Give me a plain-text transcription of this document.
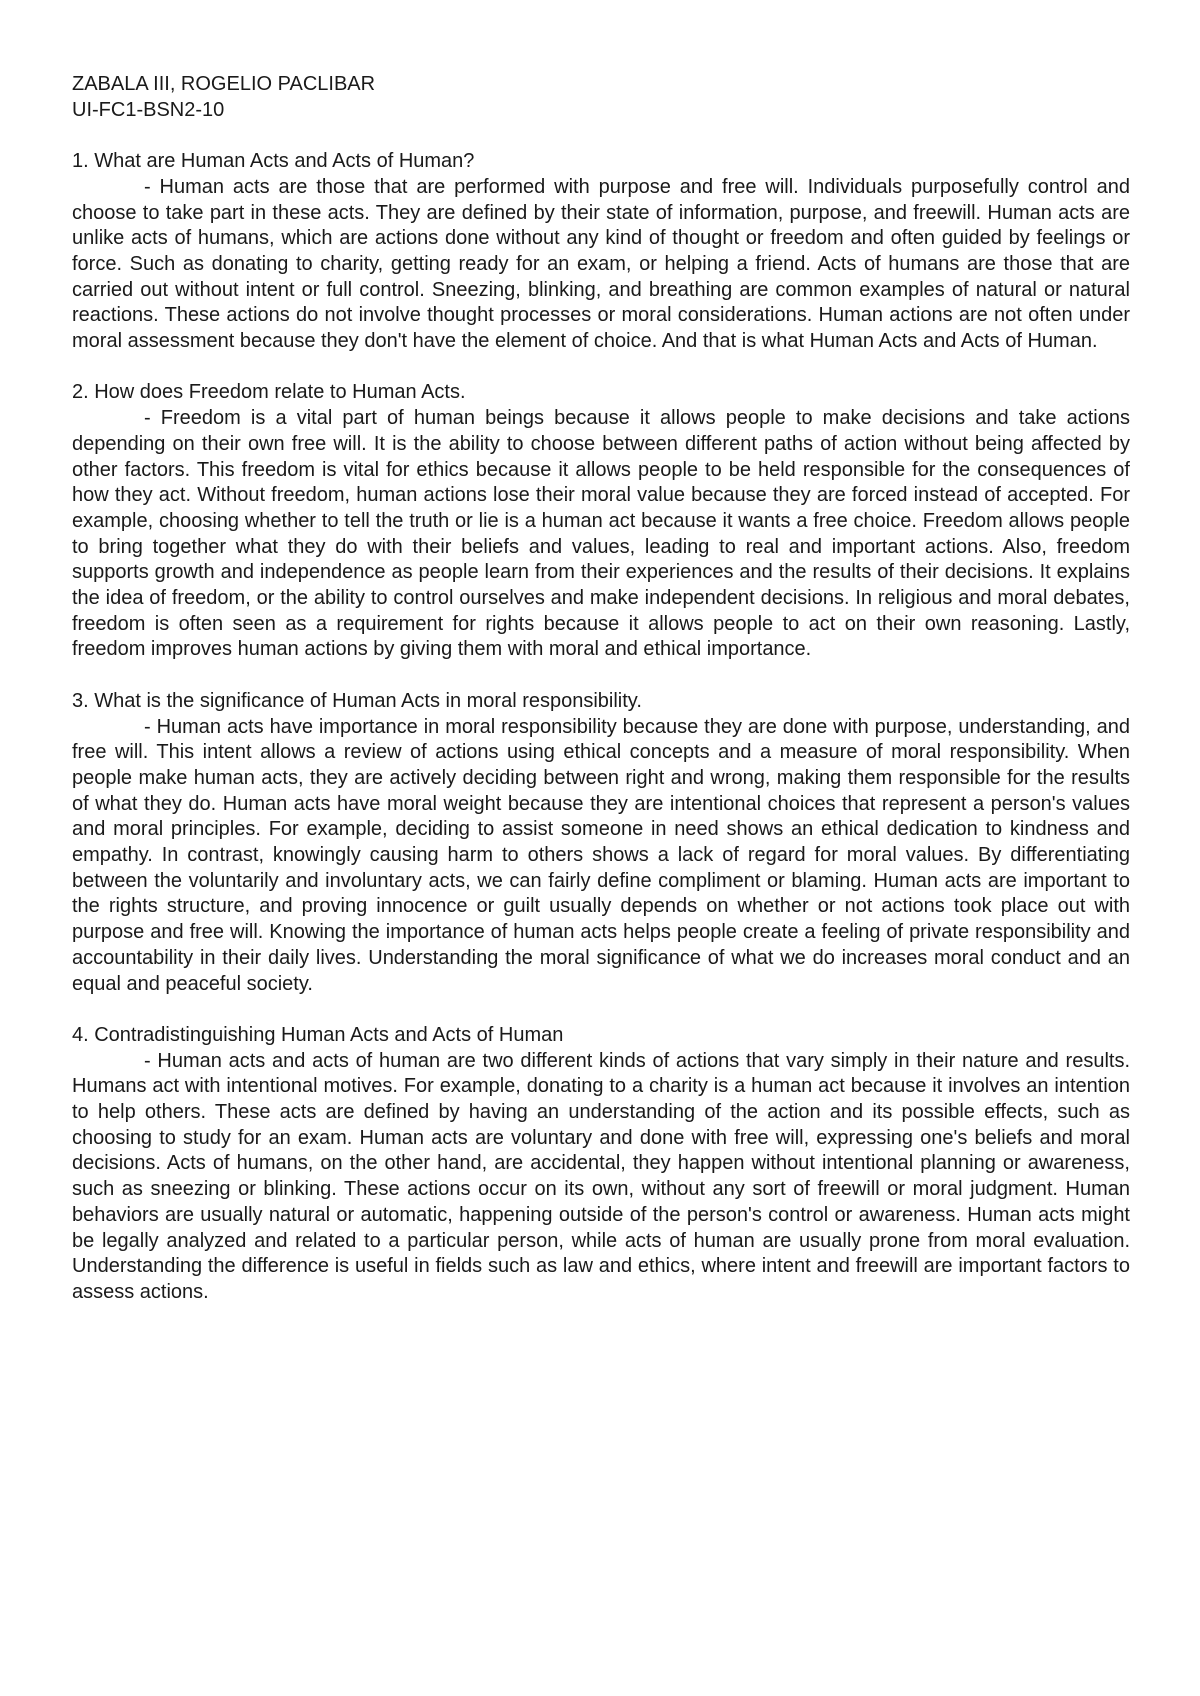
ZABALA III, ROGELIO PACLIBAR

UI-FC1-BSN2-10

1. What are Human Acts and Acts of Human?

- Human acts are those that are performed with purpose and free will. Individuals purposefully control and choose to take part in these acts. They are defined by their state of information, purpose, and freewill. Human acts are unlike acts of humans, which are actions done without any kind of thought or freedom and often guided by feelings or force. Such as donating to charity, getting ready for an exam, or helping a friend. Acts of humans are those that are carried out without intent or full control. Sneezing, blinking, and breathing are common examples of natural or natural reactions. These actions do not involve thought processes or moral considerations. Human actions are not often under moral assessment because they don't have the element of choice. And that is what Human Acts and Acts of Human.

2. How does Freedom relate to Human Acts.

- Freedom is a vital part of human beings because it allows people to make decisions and take actions depending on their own free will. It is the ability to choose between different paths of action without being affected by other factors. This freedom is vital for ethics because it allows people to be held responsible for the consequences of how they act. Without freedom, human actions lose their moral value because they are forced instead of accepted. For example, choosing whether to tell the truth or lie is a human act because it wants a free choice. Freedom allows people to bring together what they do with their beliefs and values, leading to real and important actions. Also, freedom supports growth and independence as people learn from their experiences and the results of their decisions. It explains the idea of freedom, or the ability to control ourselves and make independent decisions. In religious and moral debates, freedom is often seen as a requirement for rights because it allows people to act on their own reasoning. Lastly, freedom improves human actions by giving them with moral and ethical importance.

3. What is the significance of Human Acts in moral responsibility.

- Human acts have importance in moral responsibility because they are done with purpose, understanding, and free will. This intent allows a review of actions using ethical concepts and a measure of moral responsibility. When people make human acts, they are actively deciding between right and wrong, making them responsible for the results of what they do. Human acts have moral weight because they are intentional choices that represent a person's values and moral principles. For example, deciding to assist someone in need shows an ethical dedication to kindness and empathy. In contrast, knowingly causing harm to others shows a lack of regard for moral values. By differentiating between the voluntarily and involuntary acts, we can fairly define compliment or blaming. Human acts are important to the rights structure, and proving innocence or guilt usually depends on whether or not actions took place out with purpose and free will. Knowing the importance of human acts helps people create a feeling of private responsibility and accountability in their daily lives. Understanding the moral significance of what we do increases moral conduct and an equal and peaceful society.

4. Contradistinguishing Human Acts and Acts of Human

- Human acts and acts of human are two different kinds of actions that vary simply in their nature and results. Humans act with intentional motives. For example, donating to a charity is a human act because it involves an intention to help others. These acts are defined by having an understanding of the action and its possible effects, such as choosing to study for an exam. Human acts are voluntary and done with free will, expressing one's beliefs and moral decisions. Acts of humans, on the other hand, are accidental, they happen without intentional planning or awareness, such as sneezing or blinking. These actions occur on its own, without any sort of freewill or moral judgment. Human behaviors are usually natural or automatic, happening outside of the person's control or awareness. Human acts might be legally analyzed and related to a particular person, while acts of human are usually prone from moral evaluation. Understanding the difference is useful in fields such as law and ethics, where intent and freewill are important factors to assess actions.
